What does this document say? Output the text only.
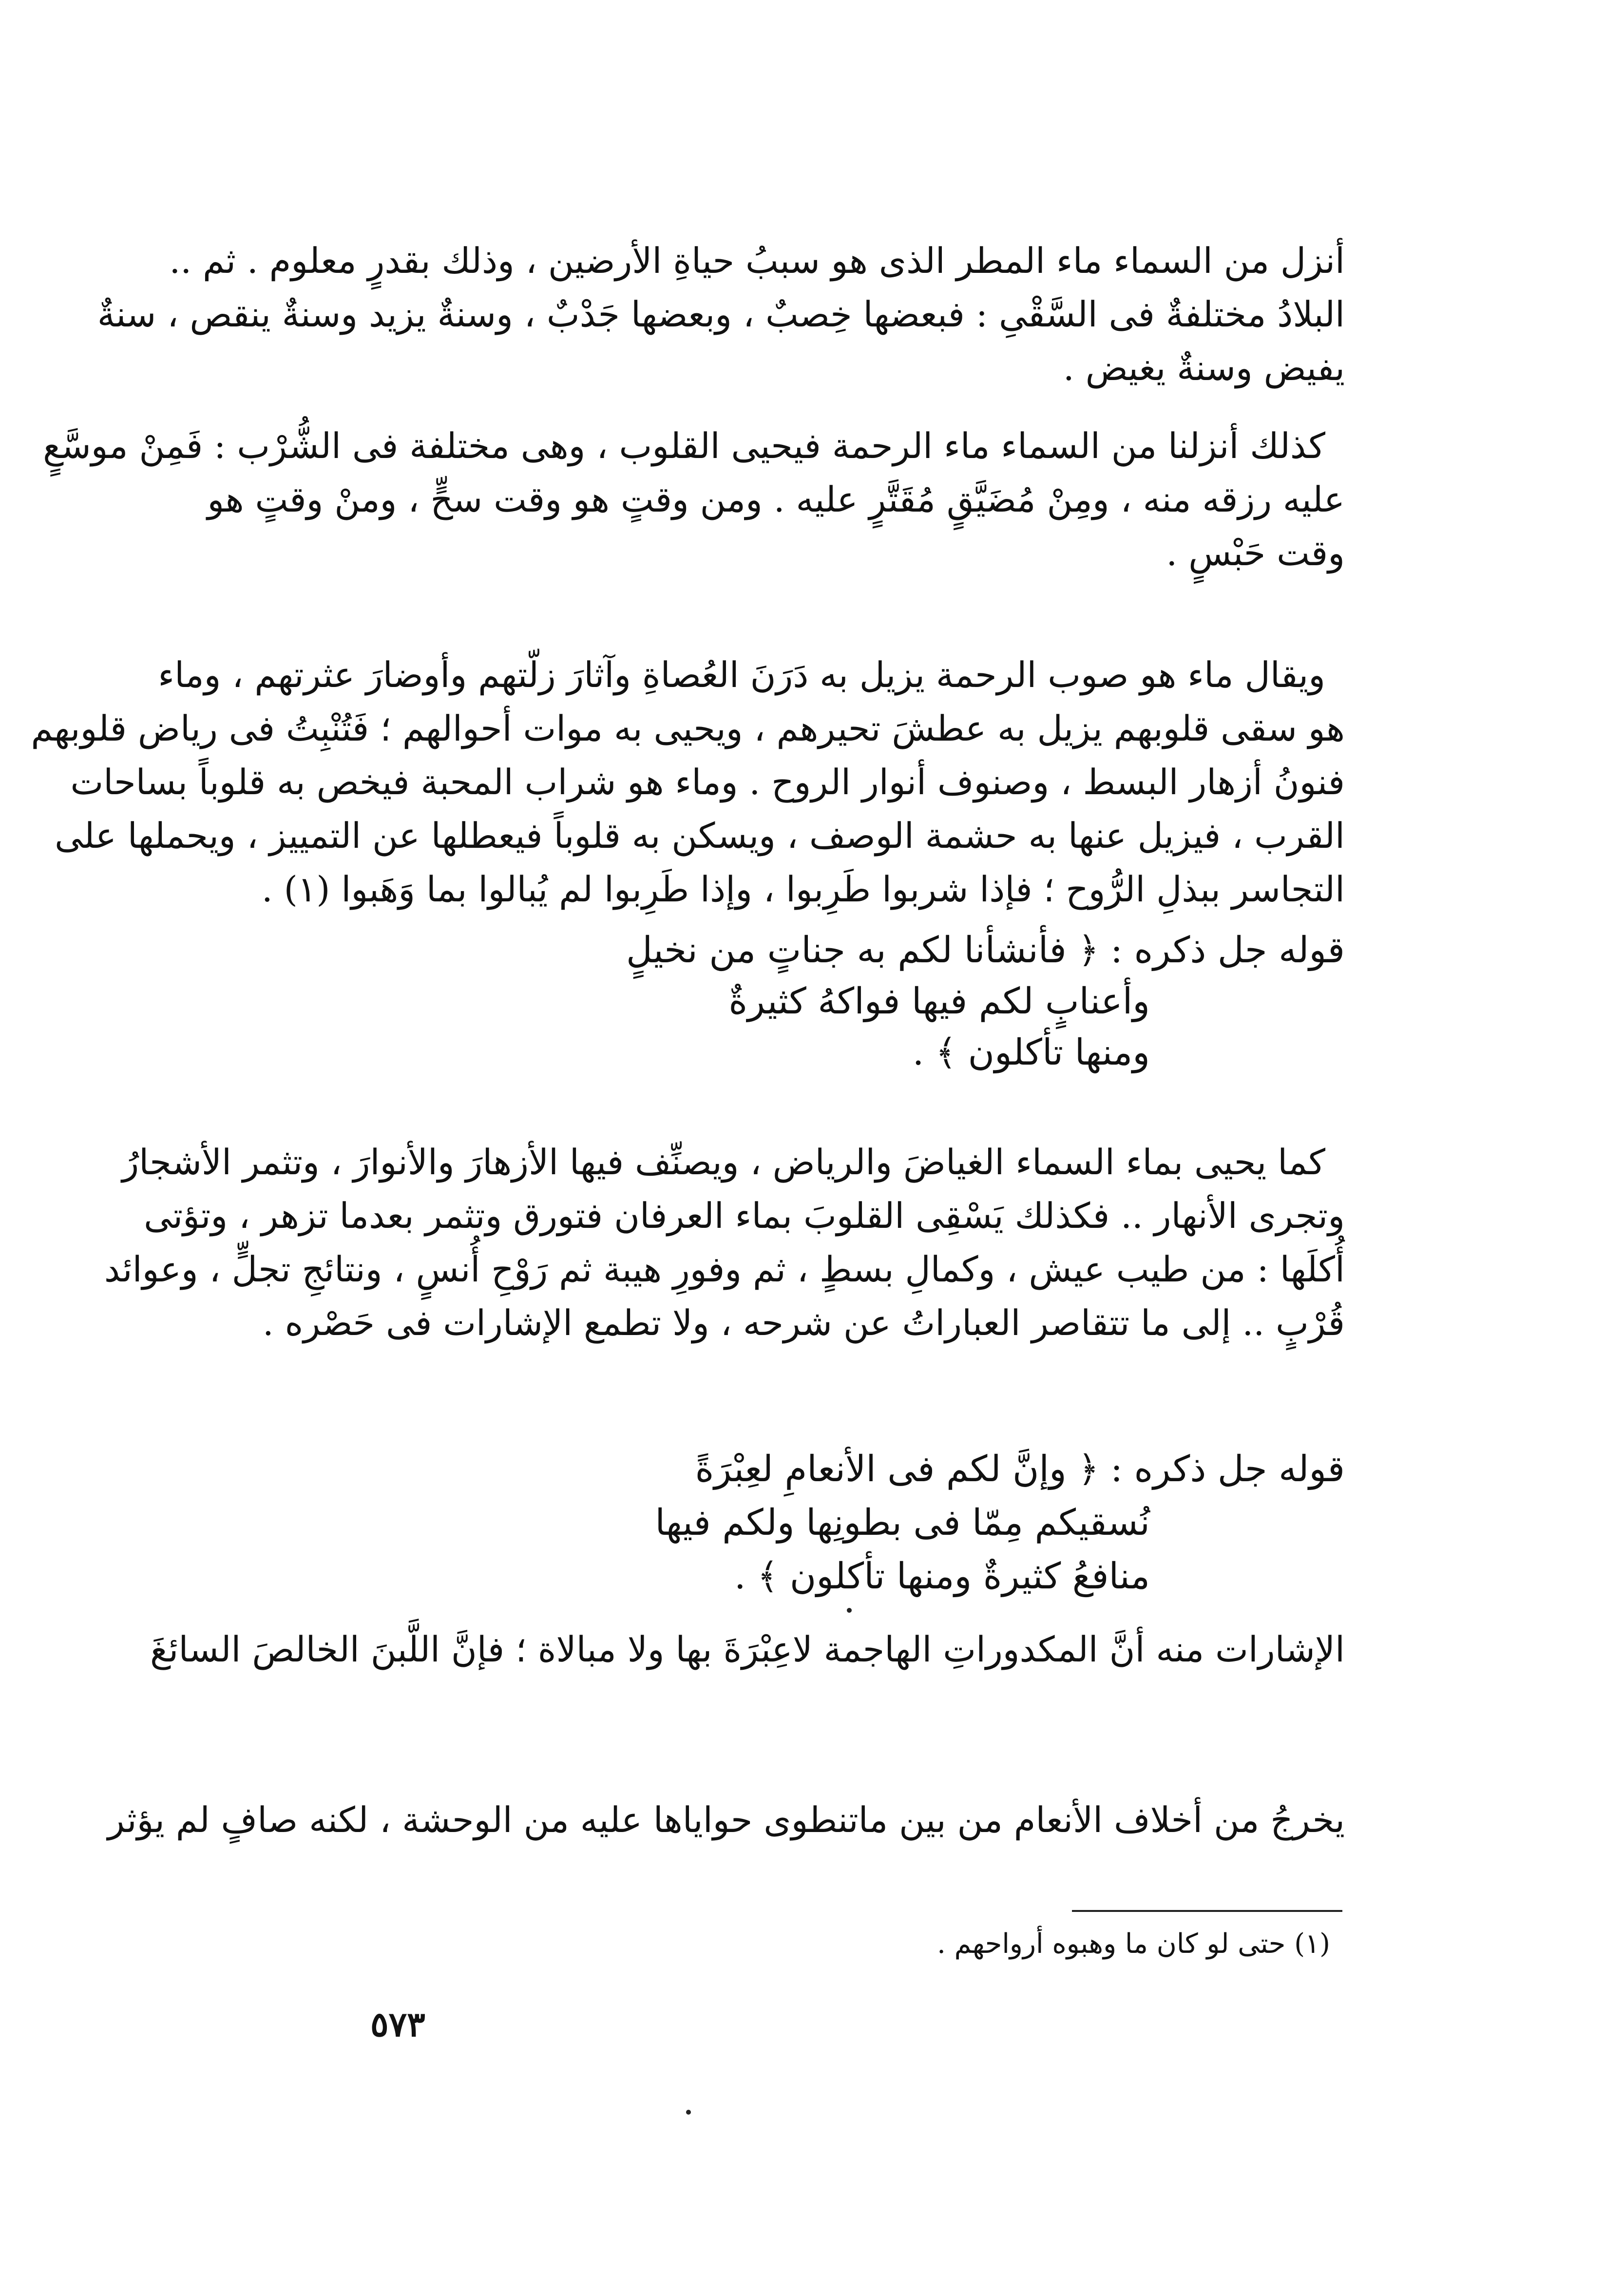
أنزل من السماء ماء المطر الذى هو سببُ حياةِ الأرضين ، وذلك بقدرٍ معلوم . ثم ..
البلادُ مختلفةٌ فى السَّقْىِ : فبعضها خِصبٌ ، وبعضها جَدْبٌ ، وسنةٌ يزيد وسنةٌ ينقص ، سنةٌ
يفيض وسنةٌ يغيض .
كذلك أنزلنا من السماء ماء الرحمة فيحيى القلوب ، وهى مختلفة فى الشُّرْب : فَمِنْ موسَّعٍ
عليه رزقه منه ، ومِنْ مُضَيَّقٍ مُقَتَّرٍ عليه . ومن وقتٍ هو وقت سحٍّ ، ومنْ وقتٍ هو
وقت حَبْسٍ .
ويقال ماء هو صوب الرحمة يزيل به دَرَنَ العُصاةِ وآثارَ زلّتهم وأوضارَ عثرتهم ، وماء
هو سقى قلوبهم يزيل به عطشَ تحيرهم ، ويحيى به موات أحوالهم ؛ فَتُنْبِتُ فى رياض قلوبهم
فنونُ أزهار البسط ، وصنوف أنوار الروح . وماء هو شراب المحبة فيخص به قلوباً بساحات
القرب ، فيزيل عنها به حشمة الوصف ، ويسكن به قلوباً فيعطلها عن التمييز ، ويحملها على
التجاسر ببذلِ الرُّوح ؛ فإذا شربوا طَرِبوا ، وإذا طَرِبوا لم يُبالوا بما وَهَبوا (١) .
قوله جل ذكره : ﴿ فأنشأنا لكم به جناتٍ من نخيلٍ
وأعنابٍ لكم فيها فواكهُ كثيرةٌ
ومنها تأكلون ﴾ .
كما يحيى بماء السماء الغياضَ والرياض ، ويصنِّف فيها الأزهارَ والأنوارَ ، وتثمر الأشجارُ
وتجرى الأنهار .. فكذلك يَسْقِى القلوبَ بماء العرفان فتورق وتثمر بعدما تزهر ، وتؤتى
أُكلَها : من طيب عيش ، وكمالِ بسطٍ ، ثم وفورِ هيبة ثم رَوْحِ أُنسٍ ، ونتائجِ تجلٍّ ، وعوائد
قُرْبٍ .. إلى ما تتقاصر العباراتُ عن شرحه ، ولا تطمع الإشارات فى حَصْره .
قوله جل ذكره : ﴿ وإنَّ لكم فى الأنعامِ لعِبْرَةً
نُسقيكم مِمّا فى بطونِها ولكم فيها
منافعُ كثيرةٌ ومنها تأكلون ﴾ .
الإشارات منه أنَّ المكدوراتِ الهاجمة لاعِبْرَةَ بها ولا مبالاة ؛ فإنَّ اللَّبنَ الخالصَ السائغَ
يخرجُ من أخلاف الأنعام من بين ماتنطوى حواياها عليه من الوحشة ، لكنه صافٍ لم يؤثر
(١) حتى لو كان ما وهبوه أرواحهم .
٥٧٣
